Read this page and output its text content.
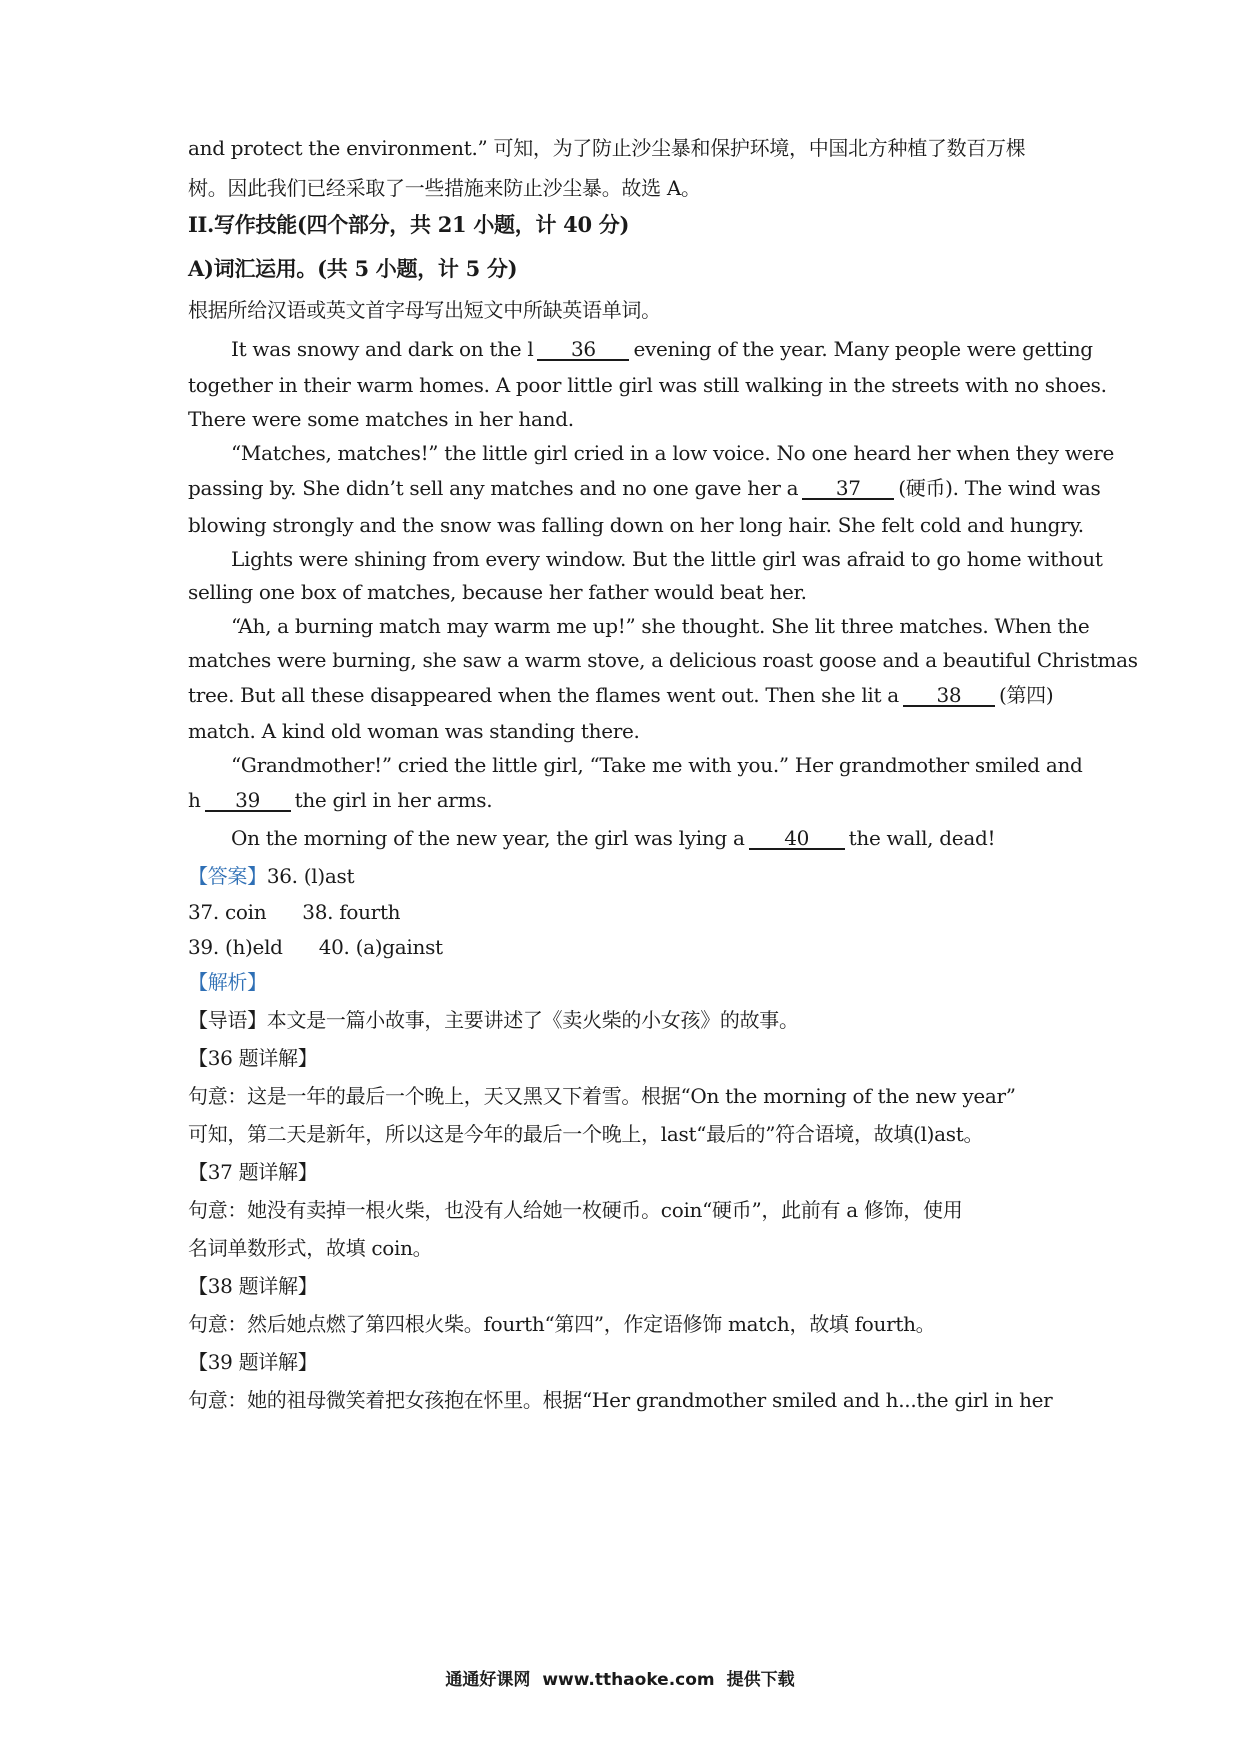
and protect the environment.” 可知，为了防止沙尘暴和保护环境，中国北方种植了数百万棵
树。因此我们已经采取了一些措施来防止沙尘暴。故选 A。
II.写作技能(四个部分，共 21 小题，计 40 分)
A)词汇运用。(共 5 小题，计 5 分)
根据所给汉语或英文首字母写出短文中所缺英语单词。
It was snowy and dark on the l 36 evening of the year. Many people were getting
together in their warm homes. A poor little girl was still walking in the streets with no shoes.
There were some matches in her hand.
“Matches, matches!” the little girl cried in a low voice. No one heard her when they were
passing by. She didn’t sell any matches and no one gave her a 37 (硬币). The wind was
blowing strongly and the snow was falling down on her long hair. She felt cold and hungry.
Lights were shining from every window. But the little girl was afraid to go home without
selling one box of matches, because her father would beat her.
“Ah, a burning match may warm me up!” she thought. She lit three matches. When the
matches were burning, she saw a warm stove, a delicious roast goose and a beautiful Christmas
tree. But all these disappeared when the flames went out. Then she lit a 38 (第四)
match. A kind old woman was standing there.
“Grandmother!” cried the little girl, “Take me with you.” Her grandmother smiled and
h 39 the girl in her arms.
On the morning of the new year, the girl was lying a 40 the wall, dead!
【答案】36. (l)ast
37. coin 38. fourth
39. (h)eld 40. (a)gainst
【解析】
【导语】本文是一篇小故事，主要讲述了《卖火柴的小女孩》的故事。
【36 题详解】
句意：这是一年的最后一个晚上，天又黑又下着雪。根据“On the morning of the new year”
可知，第二天是新年，所以这是今年的最后一个晚上，last“最后的”符合语境，故填(l)ast。
【37 题详解】
句意：她没有卖掉一根火柴，也没有人给她一枚硬币。coin“硬币”，此前有 a 修饰，使用
名词单数形式，故填 coin。
【38 题详解】
句意：然后她点燃了第四根火柴。fourth“第四”，作定语修饰 match，故填 fourth。
【39 题详解】
句意：她的祖母微笑着把女孩抱在怀里。根据“Her grandmother smiled and h...the girl in her
通通好课网 www.tthaoke.com 提供下载
